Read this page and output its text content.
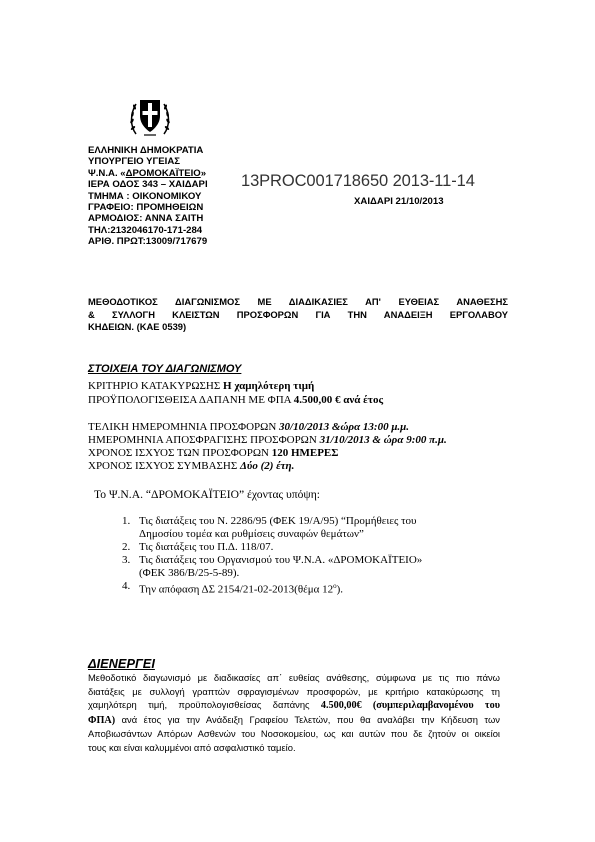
ΕΛΛΗΝΙΚΗ ΔΗΜΟΚΡΑΤΙΑ
ΥΠΟΥΡΓΕΙΟ ΥΓΕΙΑΣ
Ψ.Ν.Α. «ΔΡΟΜΟΚΑΪΤΕΙΟ»
ΙΕΡΑ ΟΔΟΣ 343 – ΧΑΙΔΑΡΙ
ΤΜΗΜΑ : ΟΙΚΟΝΟΜΙΚΟΥ
ΓΡΑΦΕΙΟ: ΠΡΟΜΗΘΕΙΩΝ
ΑΡΜΟΔΙΟΣ: ΑΝΝΑ ΣΑΙΤΗ
ΤΗΛ:2132046170-171-284
ΑΡΙΘ. ΠΡΩΤ:13009/717679
13PROC001718650 2013-11-14
ΧΑΙΔΑΡΙ 21/10/2013
ΜΕΘΟΔΟΤΙΚΟΣ ΔΙΑΓΩΝΙΣΜΟΣ ΜΕ ΔΙΑΔΙΚΑΣΙΕΣ ΑΠ' ΕΥΘΕΙΑΣ ΑΝΑΘΕΣΗΣ
& ΣΥΛΛΟΓΗ ΚΛΕΙΣΤΩΝ ΠΡΟΣΦΟΡΩΝ ΓΙΑ ΤΗΝ ΑΝΑΔΕΙΞΗ ΕΡΓΟΛΑΒΟΥ
ΚΗΔΕΙΩΝ. (ΚΑΕ 0539)
ΣΤΟΙΧΕΙΑ ΤΟΥ ΔΙΑΓΩΝΙΣΜΟΥ
ΚΡΙΤΗΡΙΟ ΚΑΤΑΚΥΡΩΣΗΣ Η χαμηλότερη τιμή
ΠΡΟΫΠΟΛΟΓΙΣΘΕΙΣΑ ΔΑΠΑΝΗ ΜΕ ΦΠΑ 4.500,00 € ανά έτος
ΤΕΛΙΚΗ ΗΜΕΡΟΜΗΝΙΑ ΠΡΟΣΦΟΡΩΝ 30/10/2013 &ώρα 13:00 μ.μ.
ΗΜΕΡΟΜΗΝΙΑ ΑΠΟΣΦΡΑΓΙΣΗΣ ΠΡΟΣΦΟΡΩΝ 31/10/2013 & ώρα 9:00 π.μ.
ΧΡΟΝΟΣ ΙΣΧΥΟΣ ΤΩΝ ΠΡΟΣΦΟΡΩΝ 120 ΗΜΕΡΕΣ
ΧΡΟΝΟΣ ΙΣΧΥΟΣ ΣΥΜΒΑΣΗΣ Δύο (2) έτη.
Το Ψ.Ν.Α. “ΔΡΟΜΟΚΑΪΤΕΙΟ” έχοντας υπόψη:
1. Τις διατάξεις του Ν. 2286/95 (ΦΕΚ 19/Α/95) “Προμήθειες του
Δημοσίου τομέα και ρυθμίσεις συναφών θεμάτων”
2. Τις διατάξεις του Π.Δ. 118/07.
3. Τις διατάξεις του Οργανισμού του Ψ.Ν.Α. «ΔΡΟΜΟΚΑΪΤΕΙΟ»
(ΦΕΚ 386/Β/25-5-89).
4. Την απόφαση ΔΣ 2154/21-02-2013(θέμα $12^o$).
ΔΙΕΝΕΡΓΕΙ
Μεθοδοτικό διαγωνισμό με διαδικασίες απ΄ ευθείας ανάθεσης, σύμφωνα με τις πιο πάνω
διατάξεις με συλλογή γραπτών σφραγισμένων προσφορών, με κριτήριο κατακύρωσης τη
χαμηλότερη τιμή, προϋπολογισθείσας δαπάνης 4.500,00€ (συμπεριλαμβανομένου του
ΦΠΑ) ανά έτος για την Ανάδειξη Γραφείου Τελετών, που θα αναλάβει την Κήδευση των
Αποβιωσάντων Απόρων Ασθενών του Νοσοκομείου, ως και αυτών που δε ζητούν οι οικείοι
τους και είναι καλυμμένοι από ασφαλιστικό ταμείο.
